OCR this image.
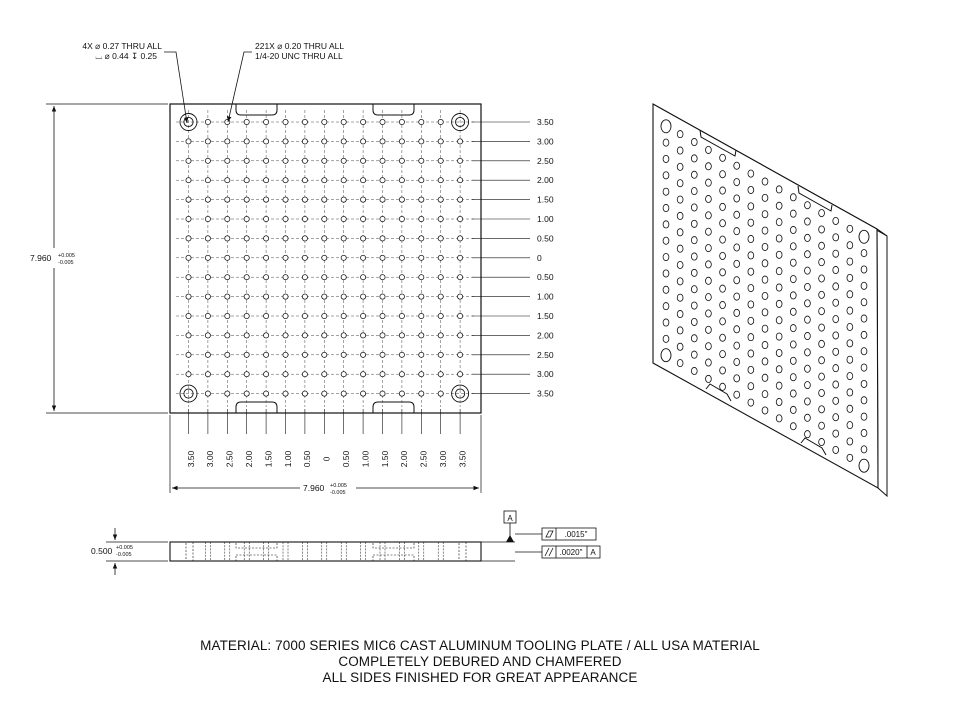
4X ⌀ 0.27 THRU ALL
⌴ ⌀ 0.44 ↧ 0.25
221X ⌀ 0.20 THRU ALL
1/4-20 UNC THRU ALL
3.50
3.00
2.50
2.00
1.50
1.00
0.50
0
0.50
1.00
1.50
2.00
2.50
3.00
3.50
3.50 3.00 2.50 2.00 1.50 1.00 0.50 0 0.50 1.00 1.50 2.00 2.50 3.00 3.50
7.960 +0.005
-0.005
7.960 +0.005
-0.005
0.500 +0.005
-0.005
A
.0015"
.0020" A
MATERIAL: 7000 SERIES MIC6 CAST ALUMINUM TOOLING PLATE / ALL USA MATERIAL
COMPLETELY DEBURED AND CHAMFERED
ALL SIDES FINISHED FOR GREAT APPEARANCE
